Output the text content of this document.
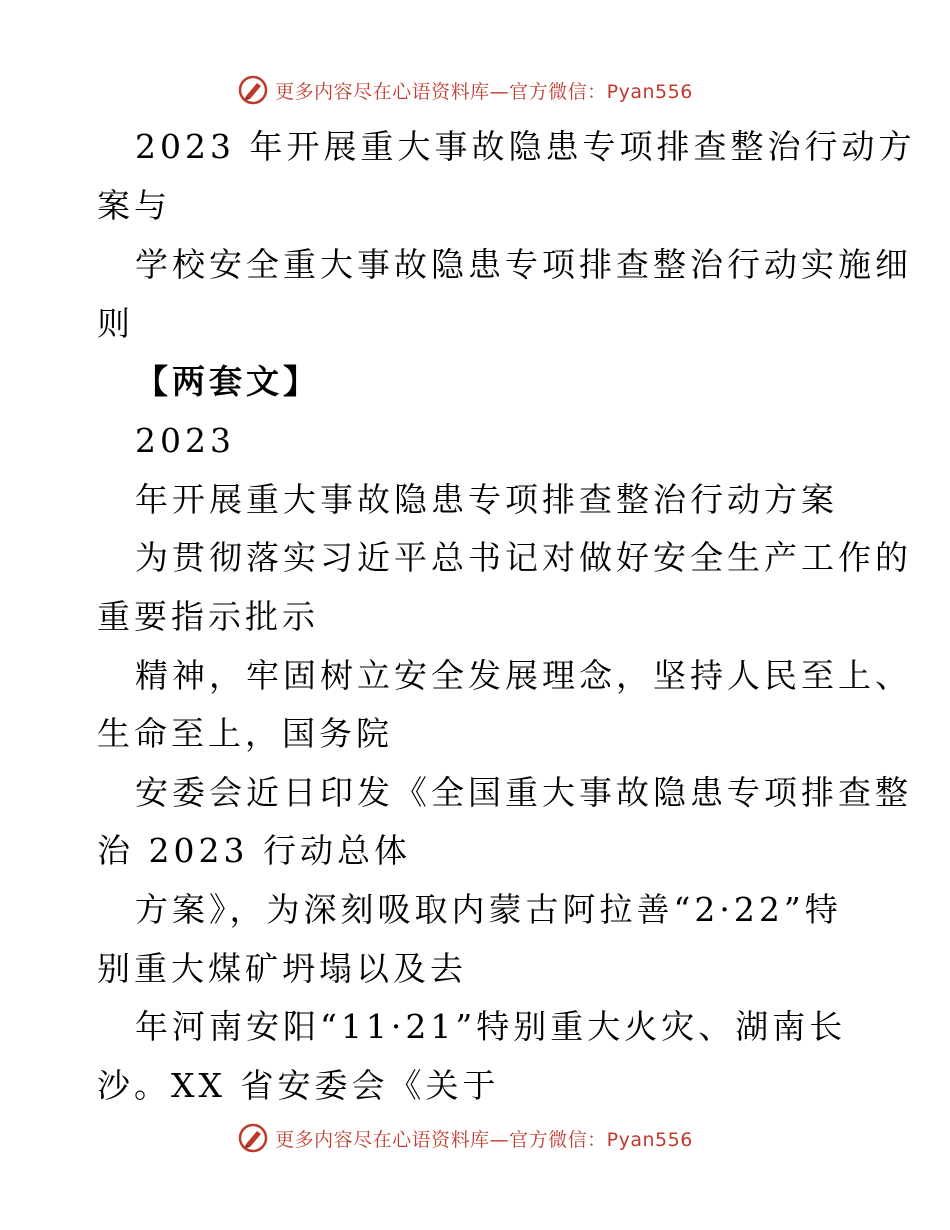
更多内容尽在心语资料库—官方微信：Pyan556
2023 年开展重大事故隐患专项排查整治行动方
案与
学校安全重大事故隐患专项排查整治行动实施细
则
【两套文】
2023
年开展重大事故隐患专项排查整治行动方案
为贯彻落实习近平总书记对做好安全生产工作的
重要指示批示
精神，牢固树立安全发展理念，坚持人民至上、
生命至上，国务院
安委会近日印发《全国重大事故隐患专项排查整
治 2023 行动总体
方案》，为深刻吸取内蒙古阿拉善“2·22”特
别重大煤矿坍塌以及去
年河南安阳“11·21”特别重大火灾、湖南长
沙。XX 省安委会《关于
更多内容尽在心语资料库—官方微信：Pyan556
